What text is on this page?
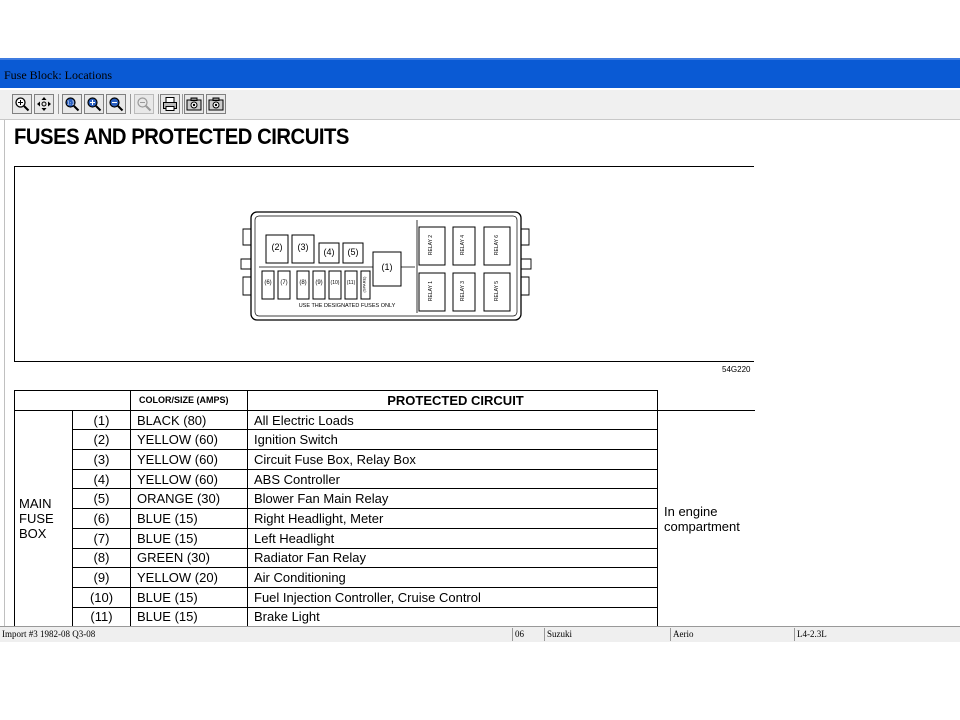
Fuse Block: Locations
1:1
FUSES AND PROTECTED CIRCUITS
(2)	(3)	(4)	(5)
(1)
(6)	(7)	(8)	(9)	(10)	(11)	(SPARE)
USE THE DESIGNATED FUSES ONLY
RELAY 2	RELAY 4	RELAY 6
RELAY 1	RELAY 3	RELAY 5
54G220
		COLOR/SIZE (AMPS)	PROTECTED CIRCUIT	
MAIN FUSE BOX	(1)	BLACK (80)	All Electric Loads	In engine compartment
	(2)	YELLOW (60)	Ignition Switch	
	(3)	YELLOW (60)	Circuit Fuse Box, Relay Box	
	(4)	YELLOW (60)	ABS Controller	
	(5)	ORANGE (30)	Blower Fan Main Relay	
	(6)	BLUE (15)	Right Headlight, Meter	
	(7)	BLUE (15)	Left Headlight	
	(8)	GREEN (30)	Radiator Fan Relay	
	(9)	YELLOW (20)	Air Conditioning	
	(10)	BLUE (15)	Fuel Injection Controller, Cruise Control	
	(11)	BLUE (15)	Brake Light	
Import #3 1982-08 Q3-08	06	Suzuki	Aerio	L4-2.3L
